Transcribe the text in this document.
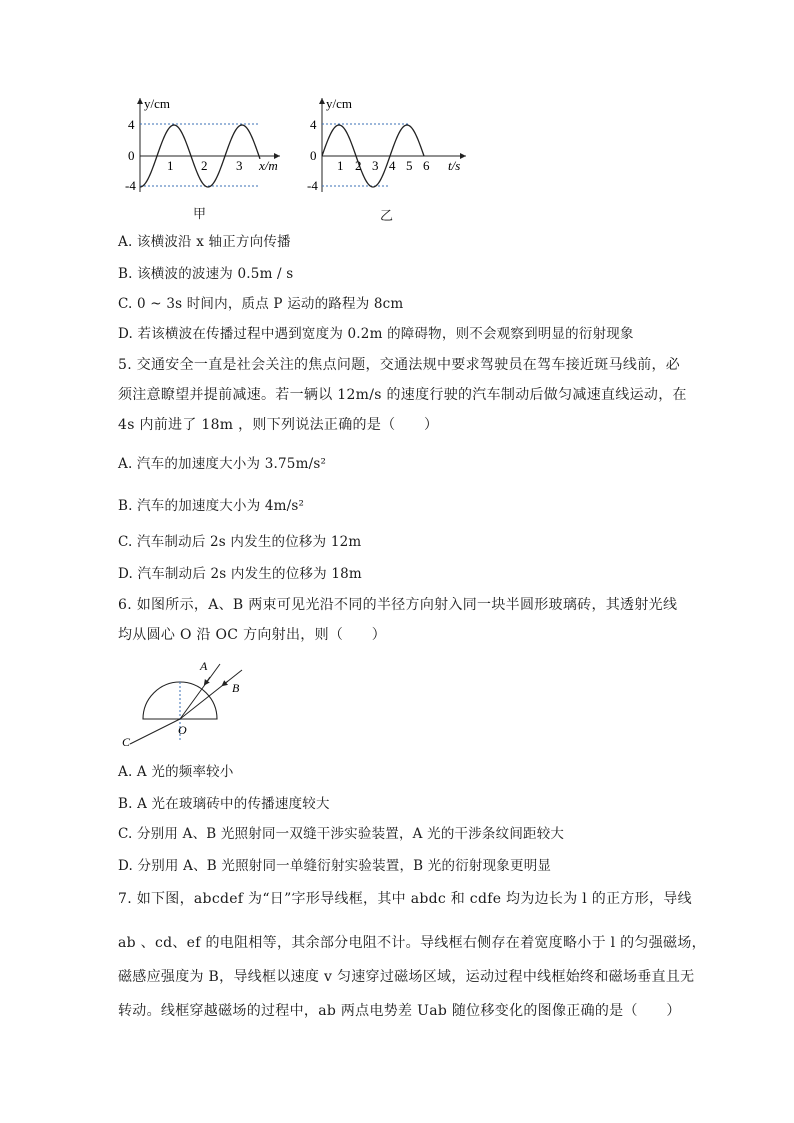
y/cm
4
0
-4
1 2 3 x/m
甲
y/cm
4
0
-4
1 2 3 4 5 6 t/s
乙
A. 该横波沿 x 轴正方向传播
B. 该横波的波速为 0.5m / s
C. 0 ~ 3s 时间内，质点 P 运动的路程为 8cm
D. 若该横波在传播过程中遇到宽度为 0.2m 的障碍物，则不会观察到明显的衍射现象
5. 交通安全一直是社会关注的焦点问题，交通法规中要求驾驶员在驾车接近斑马线前，必
须注意瞭望并提前减速。若一辆以 12m/s 的速度行驶的汽车制动后做匀减速直线运动，在
4s 内前进了 18m ，则下列说法正确的是（　　）
A. 汽车的加速度大小为 3.75m/s²
B. 汽车的加速度大小为 4m/s²
C. 汽车制动后 2s 内发生的位移为 12m
D. 汽车制动后 2s 内发生的位移为 18m
6. 如图所示，A、B 两束可见光沿不同的半径方向射入同一块半圆形玻璃砖，其透射光线
均从圆心 O 沿 OC 方向射出，则（　　）
A
B
C
O
A. A 光的频率较小
B. A 光在玻璃砖中的传播速度较大
C. 分别用 A、B 光照射同一双缝干涉实验装置，A 光的干涉条纹间距较大
D. 分别用 A、B 光照射同一单缝衍射实验装置，B 光的衍射现象更明显
7. 如下图，abcdef 为“日”字形导线框，其中 abdc 和 cdfe 均为边长为 l 的正方形，导线
ab 、cd、ef 的电阻相等，其余部分电阻不计。导线框右侧存在着宽度略小于 l 的匀强磁场，
磁感应强度为 B，导线框以速度 v 匀速穿过磁场区域，运动过程中线框始终和磁场垂直且无
转动。线框穿越磁场的过程中，ab 两点电势差 Uab 随位移变化的图像正确的是（　　）
